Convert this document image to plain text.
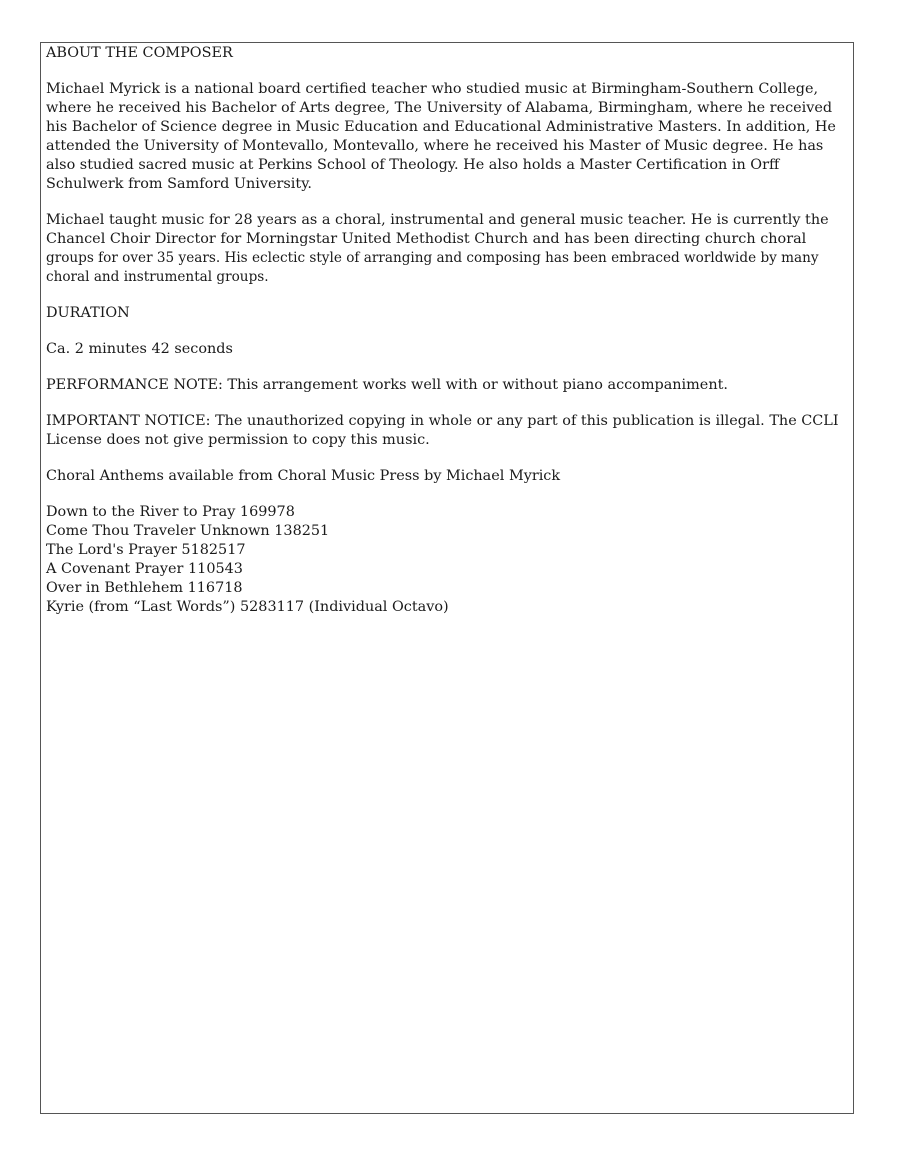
ABOUT THE COMPOSER

Michael Myrick is a national board certified teacher who studied music at Birmingham-Southern College, where he received his Bachelor of Arts degree, The University of Alabama, Birmingham, where he received his Bachelor of Science degree in Music Education and Educational Administrative Masters. In addition, He attended the University of Montevallo, Montevallo, where he received his Master of Music degree. He has also studied sacred music at Perkins School of Theology. He also holds a Master Certification in Orff Schulwerk from Samford University.

Michael taught music for 28 years as a choral, instrumental and general music teacher. He is currently the Chancel Choir Director for Morningstar United Methodist Church and has been directing church choral groups for over 35 years. His eclectic style of arranging and composing has been embraced worldwide by many choral and instrumental groups.

DURATION

Ca. 2 minutes 42 seconds

PERFORMANCE NOTE: This arrangement works well with or without piano accompaniment.

IMPORTANT NOTICE: The unauthorized copying in whole or any part of this publication is illegal. The CCLI License does not give permission to copy this music.

Choral Anthems available from Choral Music Press by Michael Myrick

Down to the River to Pray 169978
Come Thou Traveler Unknown 138251
The Lord's Prayer 5182517
A Covenant Prayer 110543
Over in Bethlehem 116718
Kyrie (from “Last Words”) 5283117 (Individual Octavo)
